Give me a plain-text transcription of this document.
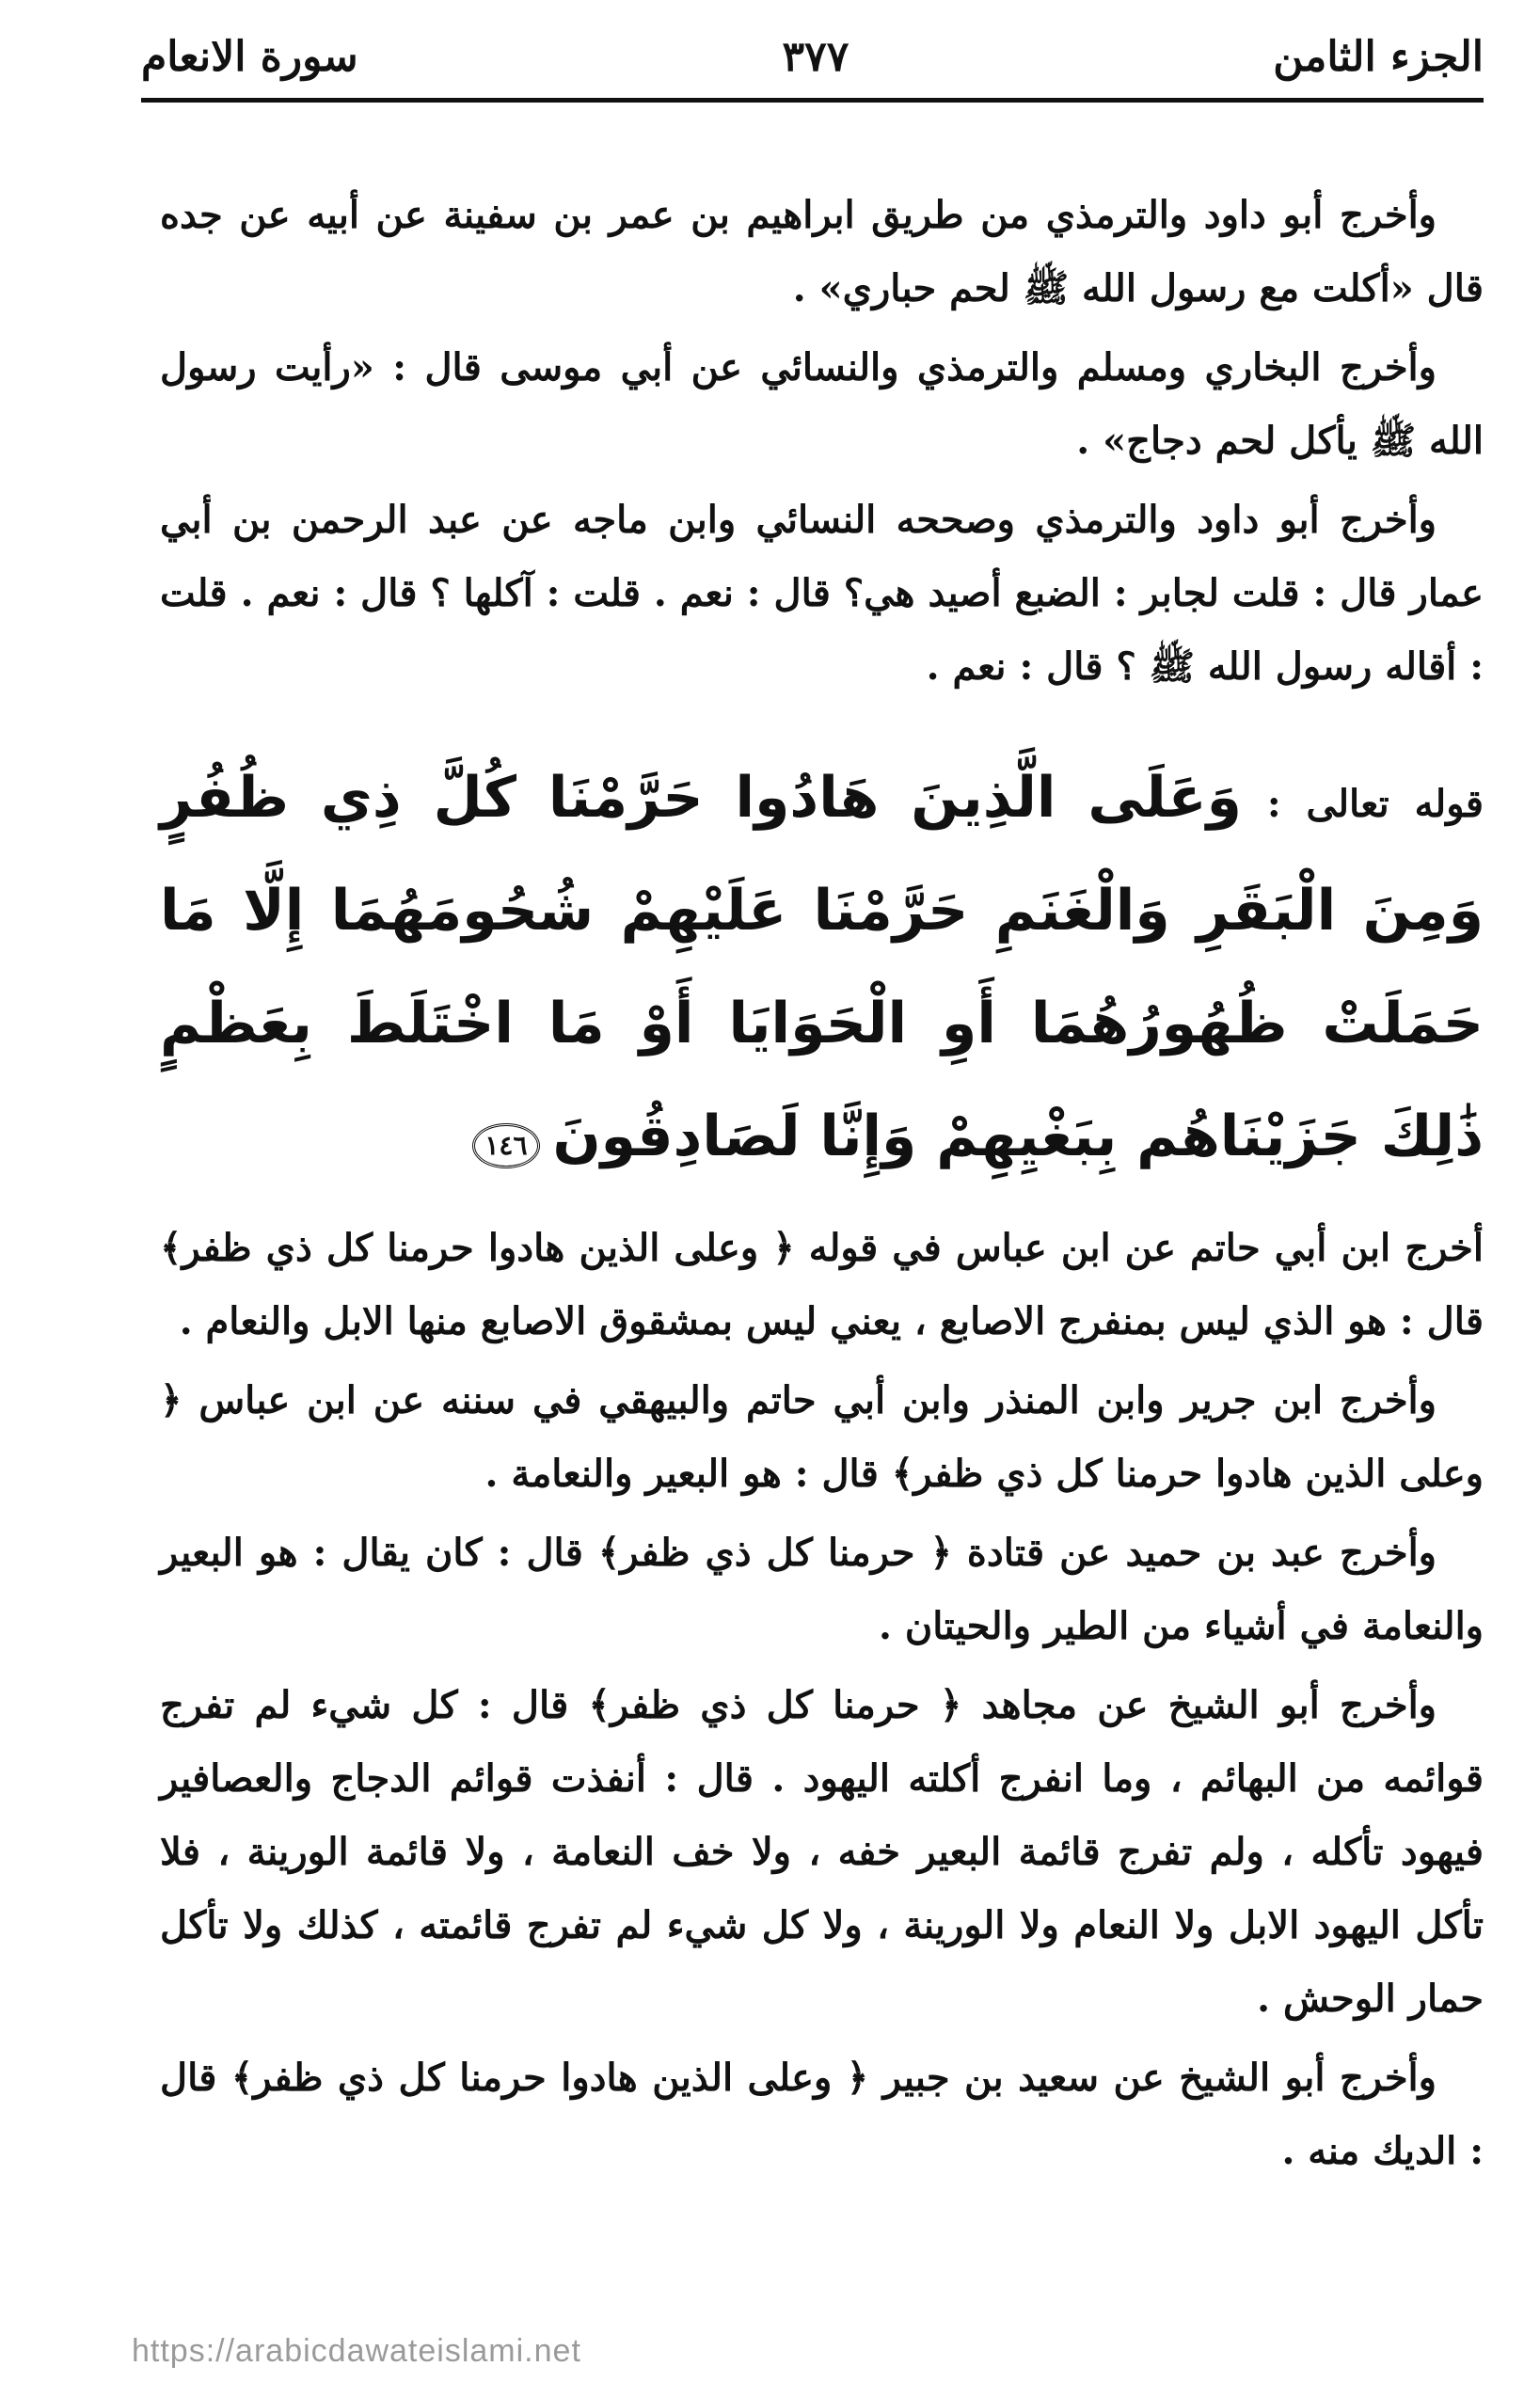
الجزء الثامن
٣٧٧
سورة الانعام

وأخرج أبو داود والترمذي من طريق ابراهيم بن عمر بن سفينة عن أبيه عن جده قال «أكلت مع رسول الله ﷺ لحم حباري» .

وأخرج البخاري ومسلم والترمذي والنسائي عن أبي موسى قال : «رأيت رسول الله ﷺ يأكل لحم دجاج» .

وأخرج أبو داود والترمذي وصححه النسائي وابن ماجه عن عبد الرحمن بن أبي عمار قال : قلت لجابر : الضبع أصيد هي؟ قال : نعم . قلت : آكلها ؟ قال : نعم . قلت : أقاله رسول الله ﷺ ؟ قال : نعم .

قوله تعالى : وَعَلَى الَّذِينَ هَادُوا حَرَّمْنَا كُلَّ ذِي ظُفُرٍ وَمِنَ الْبَقَرِ وَالْغَنَمِ حَرَّمْنَا عَلَيْهِمْ شُحُومَهُمَا إِلَّا مَا حَمَلَتْ ظُهُورُهُمَا أَوِ الْحَوَايَا أَوْ مَا اخْتَلَطَ بِعَظْمٍ ذَٰلِكَ جَزَيْنَاهُم بِبَغْيِهِمْ وَإِنَّا لَصَادِقُونَ ١٤٦

أخرج ابن أبي حاتم عن ابن عباس في قوله ﴿ وعلى الذين هادوا حرمنا كل ذي ظفر﴾ قال : هو الذي ليس بمنفرج الاصابع ، يعني ليس بمشقوق الاصابع منها الابل والنعام .

وأخرج ابن جرير وابن المنذر وابن أبي حاتم والبيهقي في سننه عن ابن عباس ﴿ وعلى الذين هادوا حرمنا كل ذي ظفر﴾ قال : هو البعير والنعامة .

وأخرج عبد بن حميد عن قتادة ﴿ حرمنا كل ذي ظفر﴾ قال : كان يقال : هو البعير والنعامة في أشياء من الطير والحيتان .

وأخرج أبو الشيخ عن مجاهد ﴿ حرمنا كل ذي ظفر﴾ قال : كل شيء لم تفرج قوائمه من البهائم ، وما انفرج أكلته اليهود . قال : أنفذت قوائم الدجاج والعصافير فيهود تأكله ، ولم تفرج قائمة البعير خفه ، ولا خف النعامة ، ولا قائمة الورينة ، فلا تأكل اليهود الابل ولا النعام ولا الورينة ، ولا كل شيء لم تفرج قائمته ، كذلك ولا تأكل حمار الوحش .

وأخرج أبو الشيخ عن سعيد بن جبير ﴿ وعلى الذين هادوا حرمنا كل ذي ظفر﴾ قال : الديك منه .

https://arabicdawateislami.net
